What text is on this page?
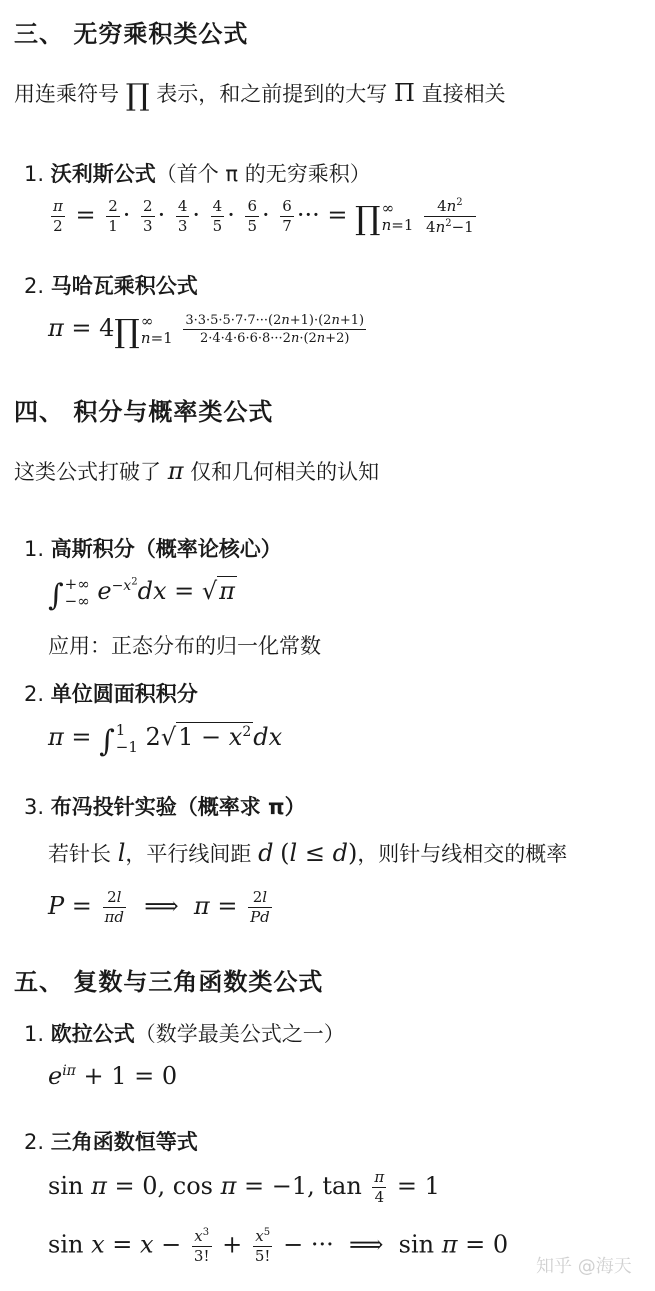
三、 无穷乘积类公式
用连乘符号 ∏ 表示，和之前提到的大写 Π 直接相关
1. 沃利斯公式（首个 π 的无穷乘积）
$\frac{\pi}{2} = \frac{2}{1} \cdot \frac{2}{3} \cdot \frac{4}{3} \cdot \frac{4}{5} \cdot \frac{6}{5} \cdot \frac{6}{7}$ ··· = ∏ ∞
n=1
$\frac{4n^2}{4n^2-1}$
2. 马哈瓦乘积公式
π = 4∏ ∞
n=1
$\frac{3\cdot 3\cdot 5\cdot 5\cdot 7\cdot 7\cdot\cdot\cdot(2n+1)\cdot(2n+1)}{2\cdot 4\cdot 4\cdot 6\cdot 6\cdot 8\cdot\cdot\cdot 2n\cdot(2n+2)}$
四、 积分与概率类公式
这类公式打破了 π 仅和几何相关的认知
1. 高斯积分（概率论核心）
∫ +∞
−∞ $e^{-x^2}dx = √\pi$
应用：正态分布的归一化常数
2. 单位圆面积积分
π = ∫ 1
−1 $2√1 - x^2dx$
3. 布冯投针实验（概率求 π）
若针长 l，平行线间距 d (l ≤ d)，则针与线相交的概率
$P = \frac{2l}{\pi d}$ ⟹  $\pi = \frac{2l}{Pd}$
五、 复数与三角函数类公式
1. 欧拉公式（数学最美公式之一）
$e^{i\pi} + 1 = 0$
2. 三角函数恒等式
sin π = 0, cos π = −1, $\tan \frac{\pi}{4} = 1$
$\sin x = x - \frac{x^3}{3!} + \frac{x^5}{5!}$ − ···  ⟹  sin π = 0
知乎 @海天
